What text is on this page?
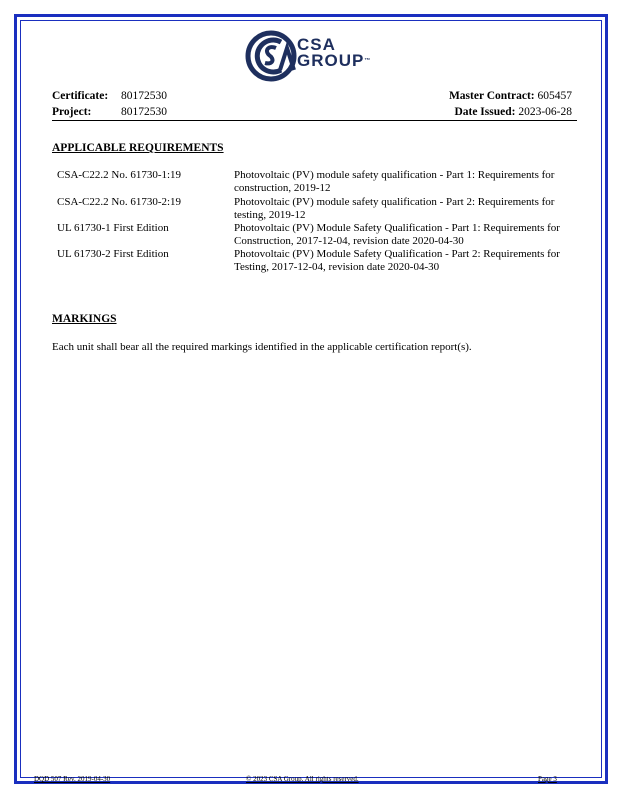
CSA
GROUP™
Certificate: 80172530
Project:	80172530
Master Contract: 605457
Date Issued: 2023-06-28
APPLICABLE REQUIREMENTS
CSA-C22.2 No. 61730-1:19	Photovoltaic (PV) module safety qualification - Part 1: Requirements for construction, 2019-12
CSA-C22.2 No. 61730-2:19	Photovoltaic (PV) module safety qualification - Part 2: Requirements for testing, 2019-12
UL 61730-1 First Edition	Photovoltaic (PV) Module Safety Qualification - Part 1: Requirements for Construction, 2017-12-04, revision date 2020-04-30
UL 61730-2 First Edition	Photovoltaic (PV) Module Safety Qualification - Part 2: Requirements for Testing, 2017-12-04, revision date 2020-04-30
MARKINGS
Each unit shall bear all the required markings identified in the applicable certification report(s).
DQD 507 Rev. 2019-04-30	© 2023 CSA Group. All rights reserved.	Page 3
